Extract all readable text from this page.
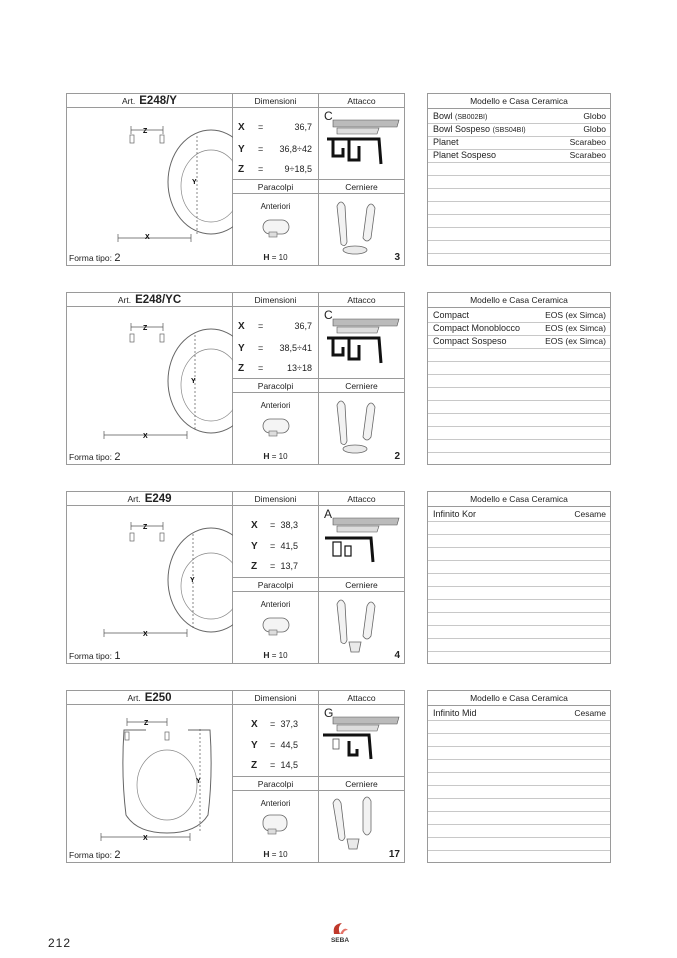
Art. E248/Y	Dimensioni	Attacco
Z
Y
X
Forma tipo: 2
X =	36,7
Y = 36,8÷42
Z = 9÷18,5
C
Paracolpi	Cerniere
Anteriori
H = 10	3
Modello e Casa Ceramica
Bowl (SB002BI)	Globo
Bowl Sospeso (SBS04BI)	Globo
Planet	Scarabeo
Planet Sospeso	Scarabeo
Art. E248/YC	Dimensioni	Attacco
Z
Y
X
Forma tipo: 2
X =	36,7
Y = 38,5÷41
Z =	13÷18
C
Paracolpi	Cerniere
Anteriori
H = 10	2
Modello e Casa Ceramica
Compact	EOS (ex Simca)
Compact Monoblocco	EOS (ex Simca)
Compact Sospeso	EOS (ex Simca)
Art. E249	Dimensioni	Attacco
Z
Y
X
Forma tipo: 1
X = 38,3
Y = 41,5
Z = 13,7
A
Paracolpi	Cerniere
Anteriori
H = 10	4
Modello e Casa Ceramica
Infinito Kor	Cesame
Art. E250	Dimensioni	Attacco
Z
Y
X
Forma tipo: 2
X = 37,3
Y = 44,5
Z = 14,5
G
Paracolpi	Cerniere
Anteriori
H = 10	17
Modello e Casa Ceramica
Infinito Mid	Cesame
212	SEBA
